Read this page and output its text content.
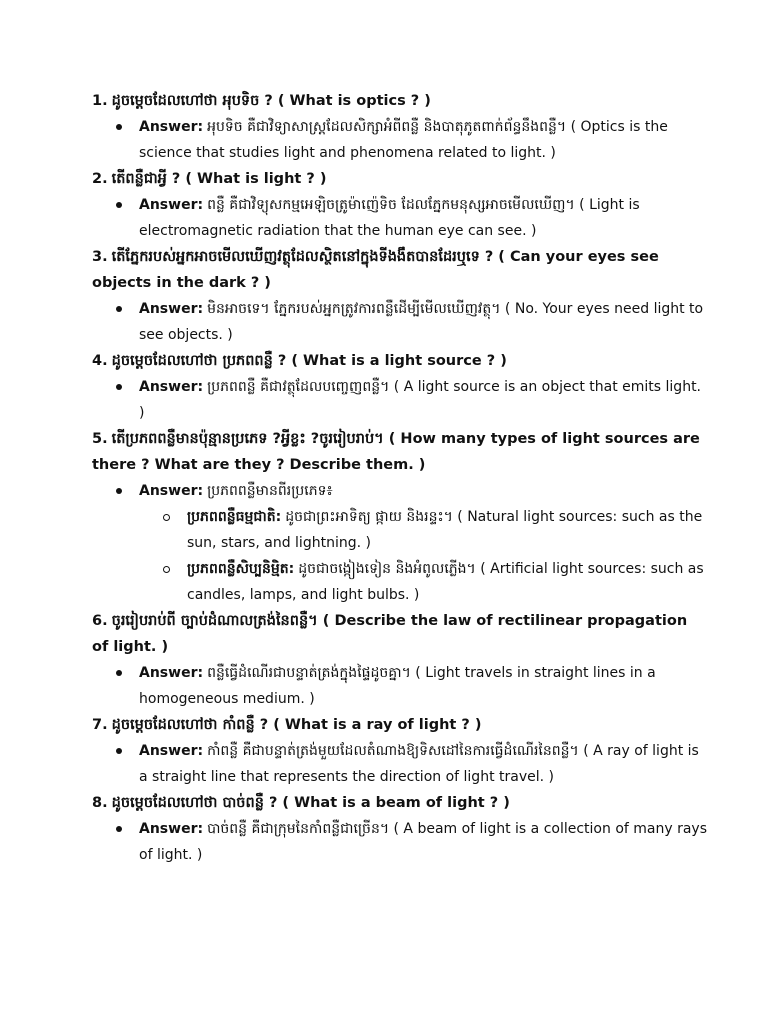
1. ដូចម្តេចដែលហៅថា អុបទិច ? ( What is optics ? )

Answer: អុបទិច គឺជាវិទ្យាសាស្ត្រដែលសិក្សាអំពីពន្លឺ និងបាតុភូតពាក់ព័ន្ធនឹងពន្លឺ។ ( Optics is the science that studies light and phenomena related to light. )

2. តើពន្លឺជាអ្វី ? ( What is light ? )

Answer: ពន្លឺ គឺជាវិទ្យុសកម្មអេឡិចត្រូម៉ាញ៉េទិច ដែលភ្នែកមនុស្សអាចមើលឃើញ។ ( Light is electromagnetic radiation that the human eye can see. )

3. តើភ្នែករបស់អ្នកអាចមើលឃើញវត្ថុដែលស្ថិតនៅក្នុងទីងងឹតបានដែរឬទេ ? ( Can your eyes see objects in the dark ? )

Answer: មិនអាចទេ។ ភ្នែករបស់អ្នកត្រូវការពន្លឺដើម្បីមើលឃើញវត្ថុ។ ( No. Your eyes need light to see objects. )

4. ដូចម្តេចដែលហៅថា ប្រភពពន្លឺ ? ( What is a light source ? )

Answer: ប្រភពពន្លឺ គឺជាវត្ថុដែលបញ្ចេញពន្លឺ។ ( A light source is an object that emits light. )

5. តើប្រភពពន្លឺមានប៉ុន្មានប្រភេទ ?អ្វីខ្លះ ?ចូររៀបរាប់។ ( How many types of light sources are there ? What are they ? Describe them. )

Answer: ប្រភពពន្លឺមានពីរប្រភេទ៖
ប្រភពពន្លឺធម្មជាតិ: ដូចជាព្រះអាទិត្យ ផ្កាយ និងរន្ទះ។ ( Natural light sources: such as the sun, stars, and lightning. )
ប្រភពពន្លឺសិប្បនិម្មិត: ដូចជាចង្កៀងទៀន និងអំពូលភ្លើង។ ( Artificial light sources: such as candles, lamps, and light bulbs. )

6. ចូររៀបរាប់ពី ច្បាប់ដំណាលត្រង់នៃពន្លឺ។ ( Describe the law of rectilinear propagation of light. )

Answer: ពន្លឺធ្វើដំណើរជាបន្ទាត់ត្រង់ក្នុងផ្ទៃដូចគ្នា។ ( Light travels in straight lines in a homogeneous medium. )

7. ដូចម្តេចដែលហៅថា កាំពន្លឺ ? ( What is a ray of light ? )

Answer: កាំពន្លឺ គឺជាបន្ទាត់ត្រង់មួយដែលតំណាងឱ្យទិសដៅនៃការធ្វើដំណើរនៃពន្លឺ។ ( A ray of light is a straight line that represents the direction of light travel. )

8. ដូចម្តេចដែលហៅថា បាច់ពន្លឺ ? ( What is a beam of light ? )

Answer: បាច់ពន្លឺ គឺជាក្រុមនៃកាំពន្លឺជាច្រើន។ ( A beam of light is a collection of many rays of light. )
